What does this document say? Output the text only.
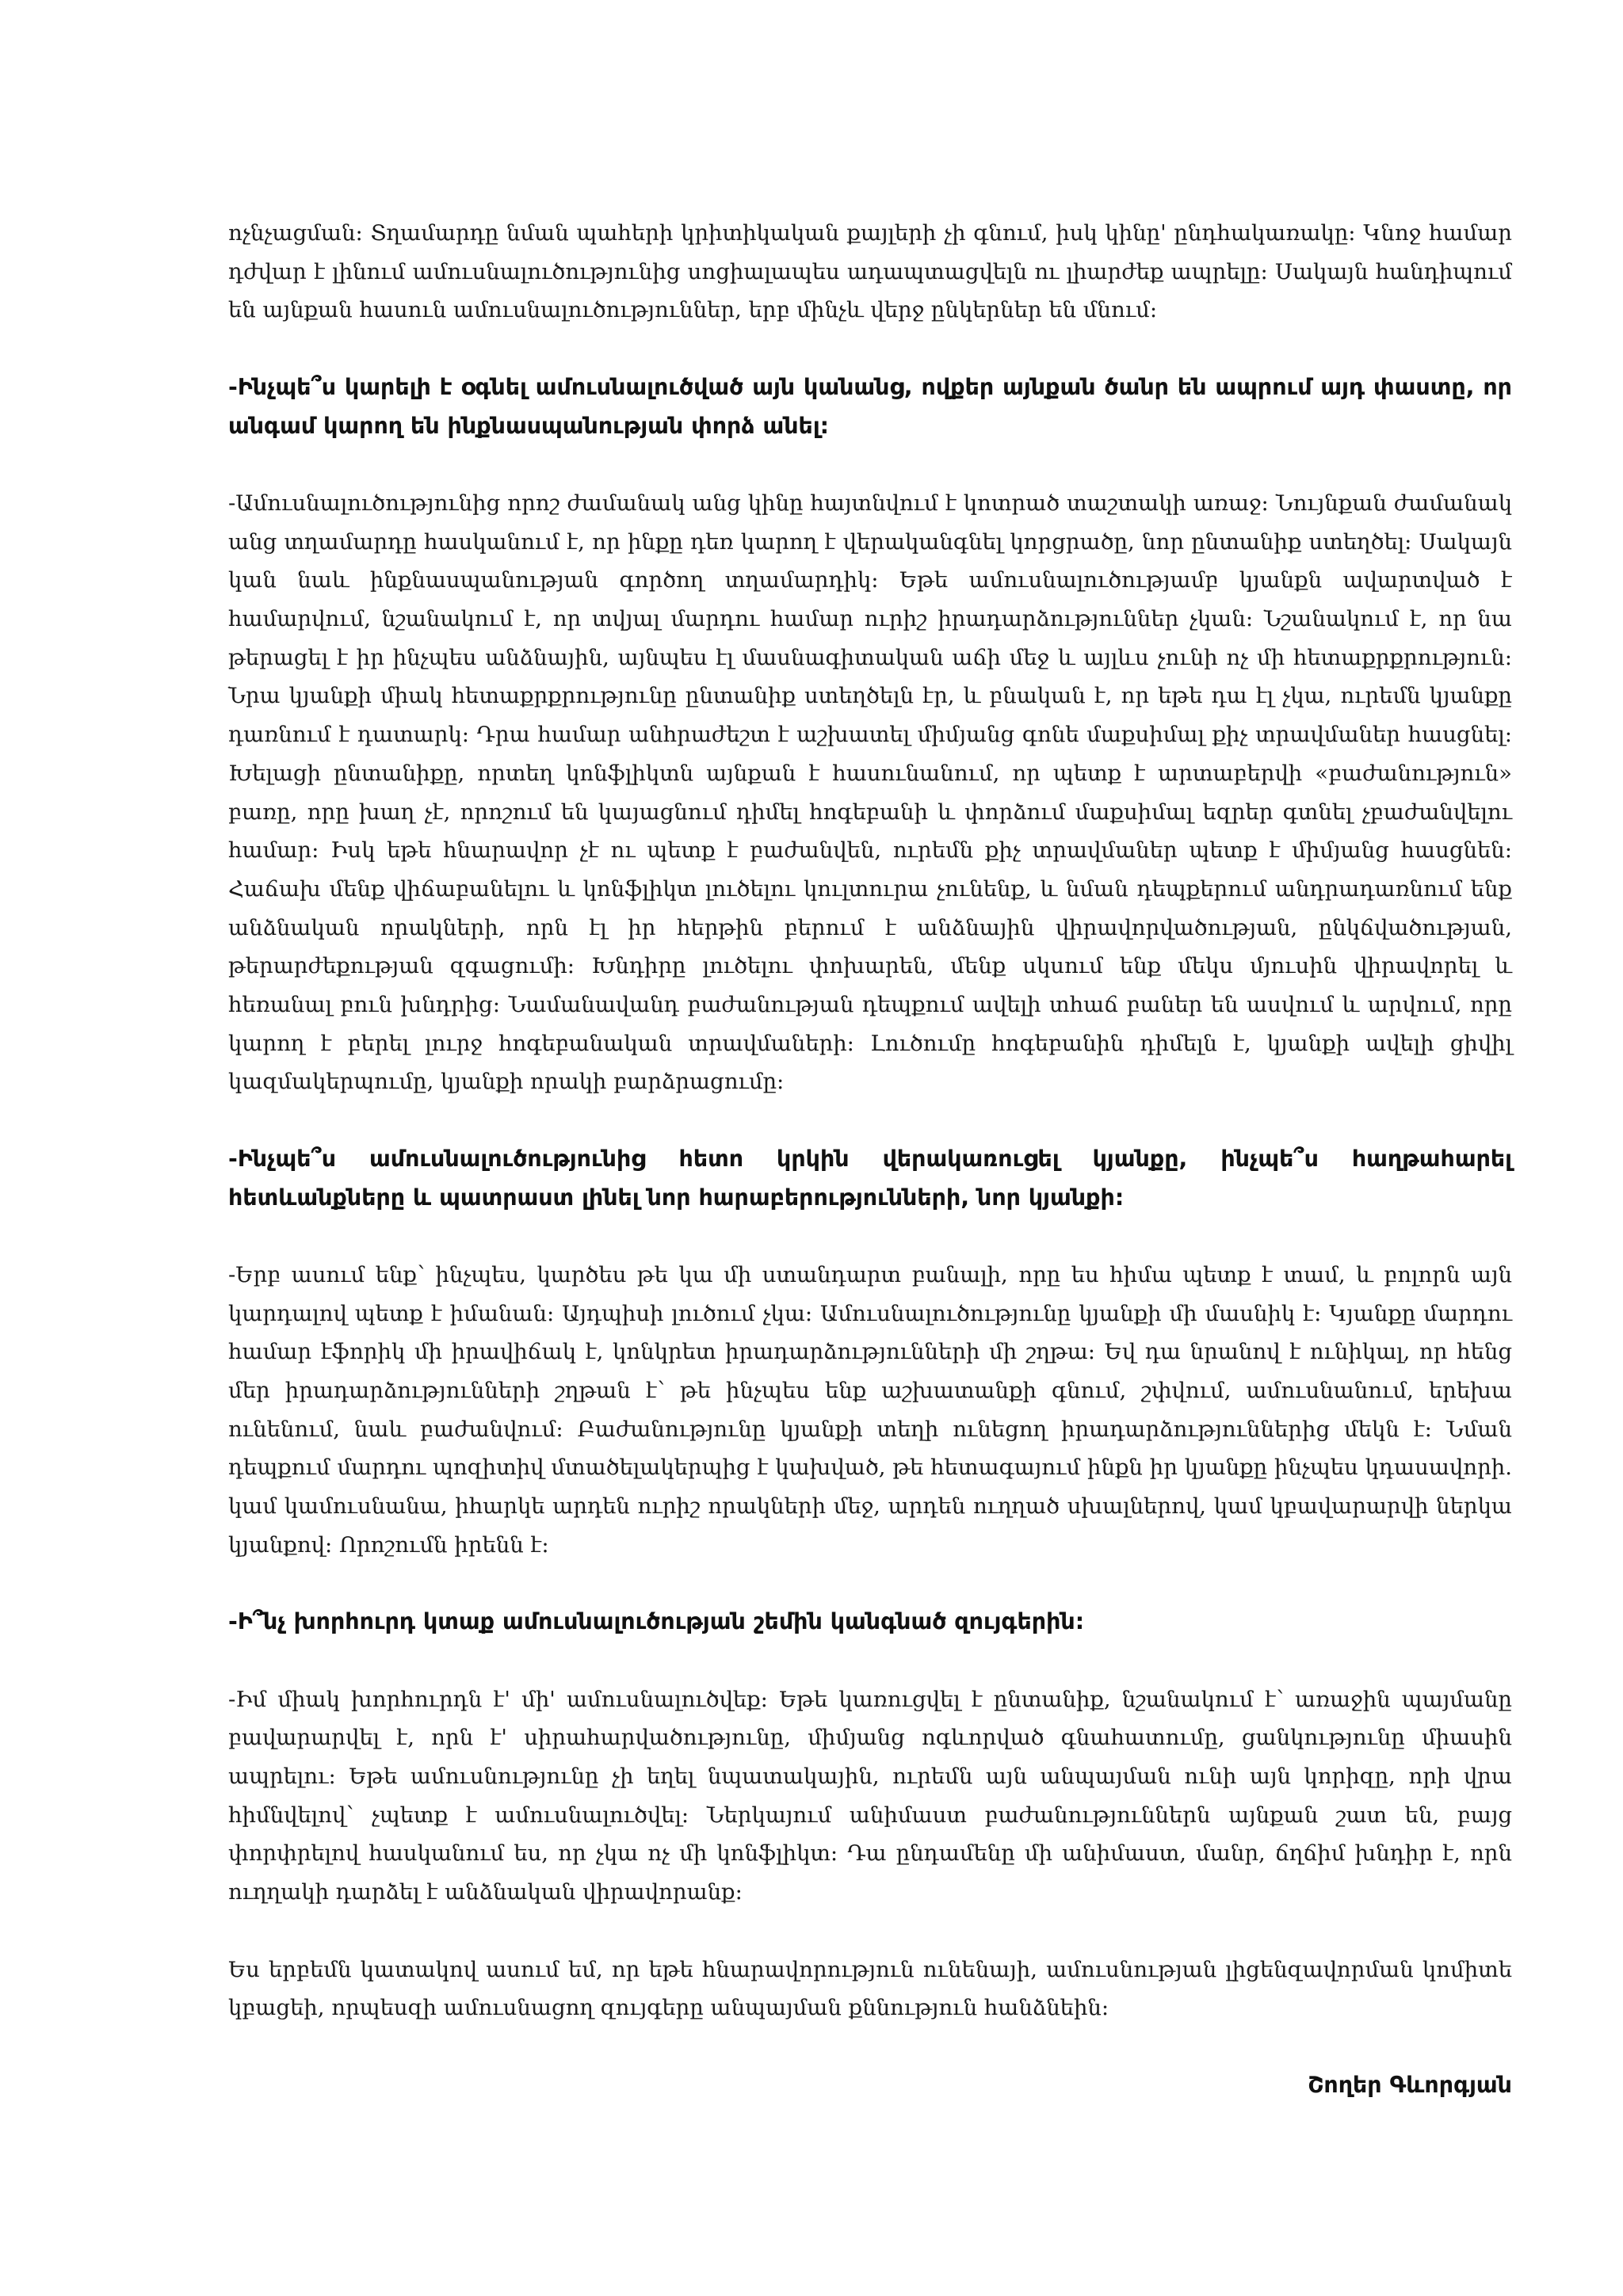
ոչնչացման: Տղամարդը նման պահերի կրիտիկական քայլերի չի գնում, իսկ կինը' ընդհակառակը: Կնոջ համար դժվար է լինում ամուսնալուծությունից սոցիալապես ադապտացվելն ու լիարժեք ապրելը: Սակայն հանդիպում են այնքան հասուն ամուսնալուծություններ, երբ մինչև վերջ ընկերներ են մնում:

-Ինչպե՞ս կարելի է օգնել ամուսնալուծված այն կանանց, ովքեր այնքան ծանր են ապրում այդ փաստը, որ անգամ կարող են ինքնասպանության փորձ անել:

-Ամուսնալուծությունից որոշ ժամանակ անց կինը հայտնվում է կոտրած տաշտակի առաջ: Նույնքան ժամանակ անց տղամարդը հասկանում է, որ ինքը դեռ կարող է վերականգնել կորցրածը, նոր ընտանիք ստեղծել: Սակայն կան նաև ինքնասպանության գործող տղամարդիկ: Եթե ամուսնալուծությամբ կյանքն ավարտված է համարվում, նշանակում է, որ տվյալ մարդու համար ուրիշ իրադարձություններ չկան: Նշանակում է, որ նա թերացել է իր ինչպես անձնային, այնպես էլ մասնագիտական աճի մեջ և այլևս չունի ոչ մի հետաքրքրություն: Նրա կյանքի միակ հետաքրքրությունը ընտանիք ստեղծելն էր, և բնական է, որ եթե դա էլ չկա, ուրեմն կյանքը դառնում է դատարկ: Դրա համար անհրաժեշտ է աշխատել միմյանց գոնե մաքսիմալ քիչ տրավմաներ հասցնել: Խելացի ընտանիքը, որտեղ կոնֆլիկտն այնքան է հասունանում, որ պետք է արտաբերվի «բաժանություն» բառը, որը խաղ չէ, որոշում են կայացնում դիմել հոգեբանի և փորձում մաքսիմալ եզրեր գտնել չբաժանվելու համար: Իսկ եթե հնարավոր չէ ու պետք է բաժանվեն, ուրեմն քիչ տրավմաներ պետք է միմյանց հասցնեն: Հաճախ մենք վիճաբանելու և կոնֆլիկտ լուծելու կուլտուրա չունենք, և նման դեպքերում անդրադառնում ենք անձնական որակների, որն էլ իր հերթին բերում է անձնային վիրավորվածության, ընկճվածության, թերարժեքության զգացումի: Խնդիրը լուծելու փոխարեն, մենք սկսում ենք մեկս մյուսին վիրավորել և հեռանալ բուն խնդրից: Նամանավանդ բաժանության դեպքում ավելի տհաճ բաներ են ասվում և արվում, որը կարող է բերել լուրջ հոգեբանական տրավմաների: Լուծումը հոգեբանին դիմելն է, կյանքի ավելի ցիվիլ կազմակերպումը, կյանքի որակի բարձրացումը:

-Ինչպե՞ս ամուսնալուծությունից հետո կրկին վերակառուցել կյանքը, ինչպե՞ս հաղթահարել հետևանքները և պատրաստ լինել նոր հարաբերությունների, նոր կյանքի:

-Երբ ասում ենք՝ ինչպես, կարծես թե կա մի ստանդարտ բանալի, որը ես հիմա պետք է տամ, և բոլորն այն կարդալով պետք է իմանան: Այդպիսի լուծում չկա: Ամուսնալուծությունը կյանքի մի մասնիկ է: Կյանքը մարդու համար էֆորիկ մի իրավիճակ է, կոնկրետ իրադարձությունների մի շղթա: Եվ դա նրանով է ունիկալ, որ հենց մեր իրադարձությունների շղթան է՝ թե ինչպես ենք աշխատանքի գնում, շփվում, ամուսնանում, երեխա ունենում, նաև բաժանվում: Բաժանությունը կյանքի տեղի ունեցող իրադարձություններից մեկն է: Նման դեպքում մարդու պոզիտիվ մտածելակերպից է կախված, թե հետագայում ինքն իր կյանքը ինչպես կդասավորի. կամ կամուսնանա, իհարկե արդեն ուրիշ որակների մեջ, արդեն ուղղած սխալներով, կամ կբավարարվի ներկա կյանքով: Որոշումն իրենն է:

-Ի՞նչ խորհուրդ կտաք ամուսնալուծության շեմին կանգնած զույգերին:

-Իմ միակ խորհուրդն է' մի' ամուսնալուծվեք: Եթե կառուցվել է ընտանիք, նշանակում է՝ առաջին պայմանը բավարարվել է, որն է' սիրահարվածությունը, միմյանց ոգևորված գնահատումը, ցանկությունը միասին ապրելու: Եթե ամուսնությունը չի եղել նպատակային, ուրեմն այն անպայման ունի այն կորիզը, որի վրա հիմնվելով՝ չպետք է ամուսնալուծվել: Ներկայում անիմաստ բաժանություններն այնքան շատ են, բայց փորփրելով հասկանում ես, որ չկա ոչ մի կոնֆլիկտ: Դա ընդամենը մի անիմաստ, մանր, ճղճիմ խնդիր է, որն ուղղակի դարձել է անձնական վիրավորանք:

Ես երբեմն կատակով ասում եմ, որ եթե հնարավորություն ունենայի, ամուսնության լիցենզավորման կոմիտե կբացեի, որպեսզի ամուսնացող զույգերը անպայման քննություն հանձնեին:

Շողեր Գևորգյան
